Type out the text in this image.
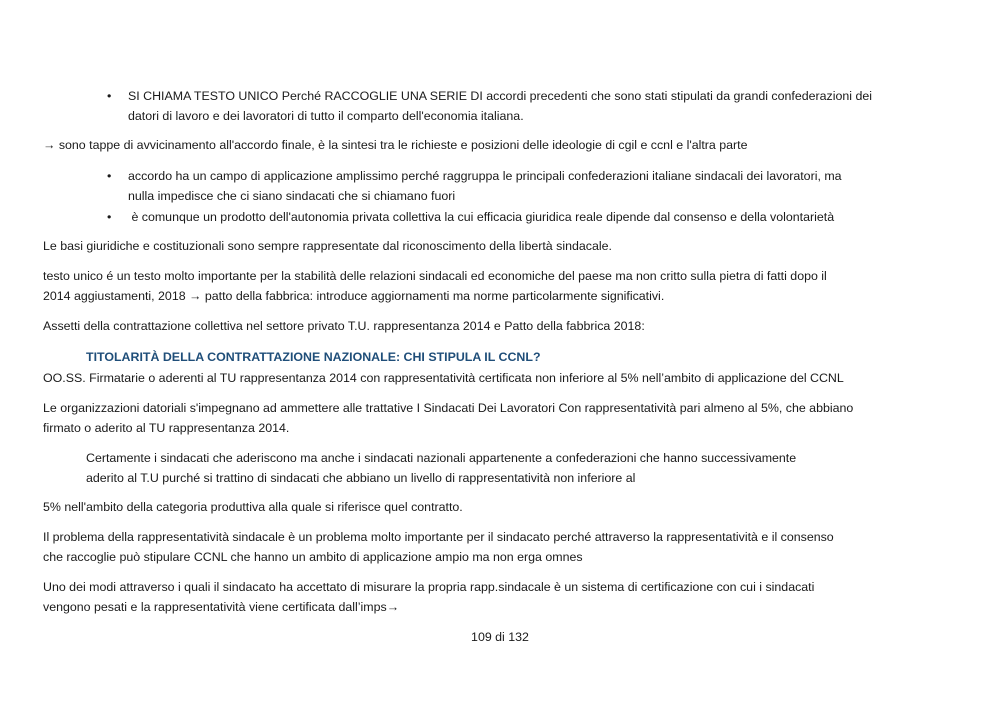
•	SI CHIAMA TESTO UNICO Perché RACCOGLIE UNA SERIE DI accordi precedenti che sono stati stipulati da grandi confederazioni dei
datori di lavoro e dei lavoratori di tutto il comparto dell'economia italiana.

→ sono tappe di avvicinamento all'accordo finale, è la sintesi tra le richieste e posizioni delle ideologie di cgil e ccnl e l'altra parte

•	accordo ha un campo di applicazione amplissimo perché raggruppa le principali confederazioni italiane sindacali dei lavoratori, ma
nulla impedisce che ci siano sindacati che si chiamano fuori
•	è comunque un prodotto dell'autonomia privata collettiva la cui efficacia giuridica reale dipende dal consenso e della volontarietà

Le basi giuridiche e costituzionali sono sempre rappresentate dal riconoscimento della libertà sindacale.

testo unico é un testo molto importante per la stabilità delle relazioni sindacali ed economiche del paese ma non critto sulla pietra di fatti dopo il
2014 aggiustamenti, 2018 → patto della fabbrica: introduce aggiornamenti ma norme particolarmente significativi.

Assetti della contrattazione collettiva nel settore privato T.U. rappresentanza 2014 e Patto della fabbrica 2018:

TITOLARITÀ DELLA CONTRATTAZIONE NAZIONALE: CHI STIPULA IL CCNL?

OO.SS. Firmatarie o aderenti al TU rappresentanza 2014 con rappresentatività certificata non inferiore al 5% nell’ambito di applicazione del CCNL

Le organizzazioni datoriali s'impegnano ad ammettere alle trattative I Sindacati Dei Lavoratori Con rappresentatività pari almeno al 5%, che abbiano
firmato o aderito al TU rappresentanza 2014.
Certamente i sindacati che aderiscono ma anche i sindacati nazionali appartenente a confederazioni che hanno successivamente
aderito al T.U purché si trattino di sindacati che abbiano un livello di rappresentatività non inferiore al

5% nell'ambito della categoria produttiva alla quale si riferisce quel contratto.

Il problema della rappresentatività sindacale è un problema molto importante per il sindacato perché attraverso la rappresentatività e il consenso
che raccoglie può stipulare CCNL che hanno un ambito di applicazione ampio ma non erga omnes
Uno dei modi attraverso i quali il sindacato ha accettato di misurare la propria rapp.sindacale è un sistema di certificazione con cui i sindacati
vengono pesati e la rappresentatività viene certificata dall’imps→
109 di 132
